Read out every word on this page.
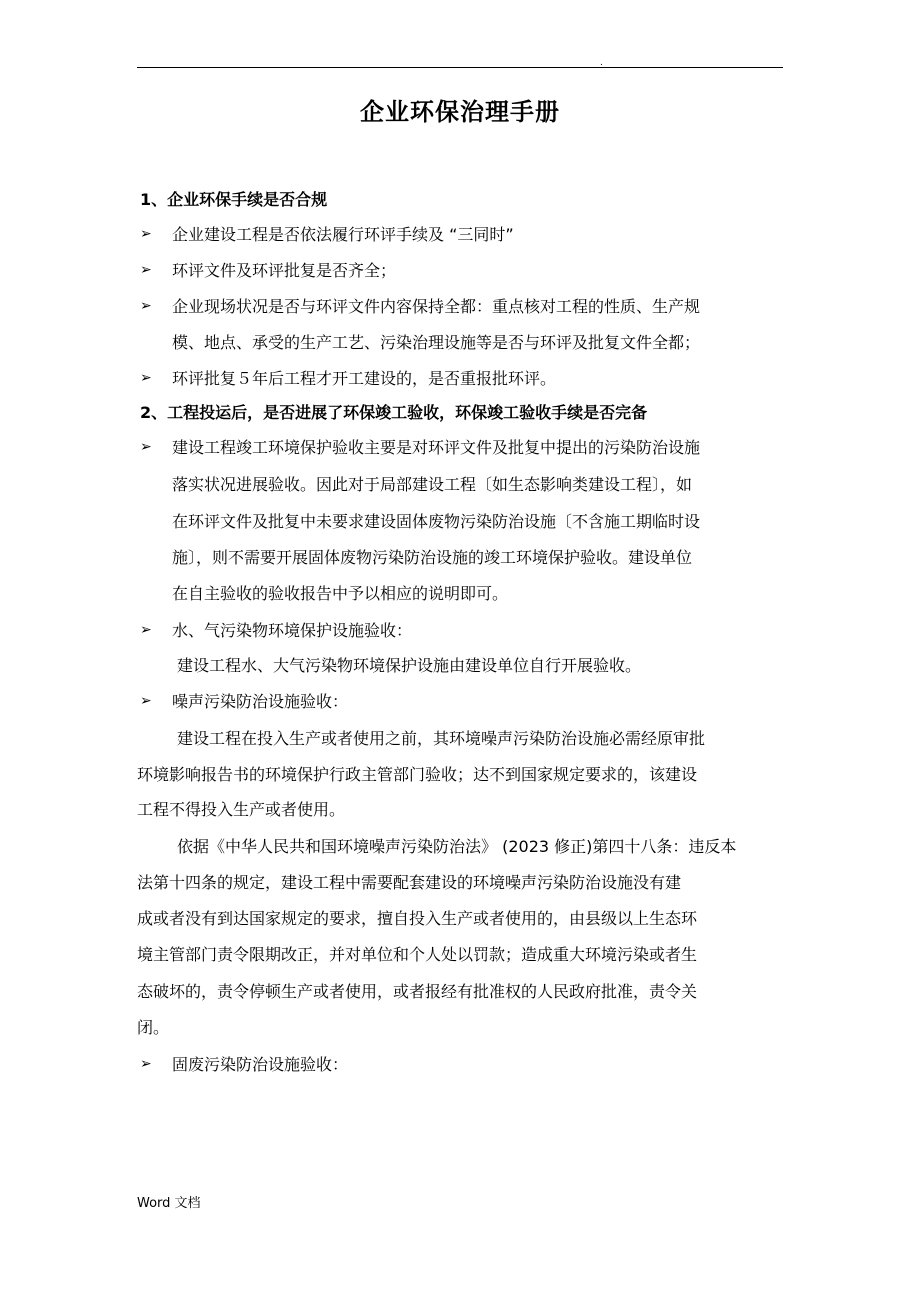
.
企业环保治理手册
1、企业环保手续是否合规
➢ 企业建设工程是否依法履行环评手续及 “三同时”
➢ 环评文件及环评批复是否齐全；
➢ 企业现场状况是否与环评文件内容保持全都：重点核对工程的性质、生产规
模、地点、承受的生产工艺、污染治理设施等是否与环评及批复文件全都；
➢ 环评批复５年后工程才开工建设的，是否重报批环评。
2、工程投运后，是否进展了环保竣工验收，环保竣工验收手续是否完备
➢ 建设工程竣工环境保护验收主要是对环评文件及批复中提出的污染防治设施
落实状况进展验收。因此对于局部建设工程〔如生态影响类建设工程〕，如
在环评文件及批复中未要求建设固体废物污染防治设施〔不含施工期临时设
施〕，则不需要开展固体废物污染防治设施的竣工环境保护验收。建设单位
在自主验收的验收报告中予以相应的说明即可。
➢ 水、气污染物环境保护设施验收：
建设工程水、大气污染物环境保护设施由建设单位自行开展验收。
➢ 噪声污染防治设施验收：
建设工程在投入生产或者使用之前，其环境噪声污染防治设施必需经原审批
环境影响报告书的环境保护行政主管部门验收；达不到国家规定要求的，该建设
工程不得投入生产或者使用。
依据《中华人民共和国环境噪声污染防治法》 (2023 修正)第四十八条：违反本
法第十四条的规定，建设工程中需要配套建设的环境噪声污染防治设施没有建
成或者没有到达国家规定的要求，擅自投入生产或者使用的，由县级以上生态环
境主管部门责令限期改正，并对单位和个人处以罚款；造成重大环境污染或者生
态破坏的，责令停顿生产或者使用，或者报经有批准权的人民政府批准，责令关
闭。
➢ 固废污染防治设施验收：
Word 文档
